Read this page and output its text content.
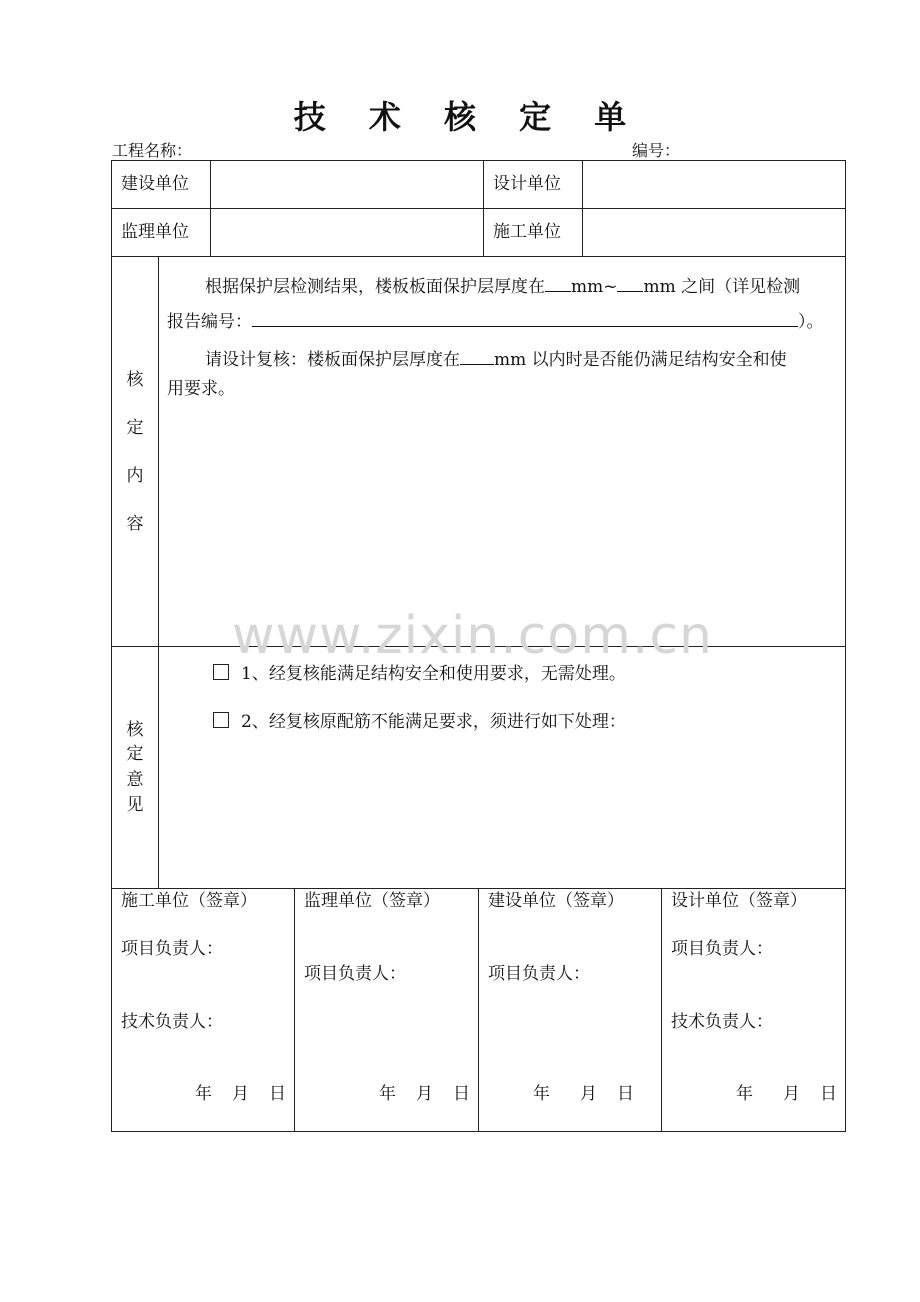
技 术 核 定 单
工程名称：	编号：
建设单位	设计单位
监理单位	施工单位
核
定
内
容
根据保护层检测结果，楼板板面保护层厚度在 mm~ mm 之间（详见检测
报告编号：	）。
请设计复核：楼板面保护层厚度在 mm 以内时是否能仍满足结构安全和使
用要求。
www.zixin.com.cn
核
定
意
见
1、经复核能满足结构安全和使用要求，无需处理。
2、经复核原配筋不能满足要求，须进行如下处理：
施工单位（签章）
项目负责人：
技术负责人：
年 月 日
监理单位（签章）
项目负责人：
年 月 日
建设单位（签章）
项目负责人：
年 月 日
设计单位（签章）
项目负责人：
技术负责人：
年 月 日
